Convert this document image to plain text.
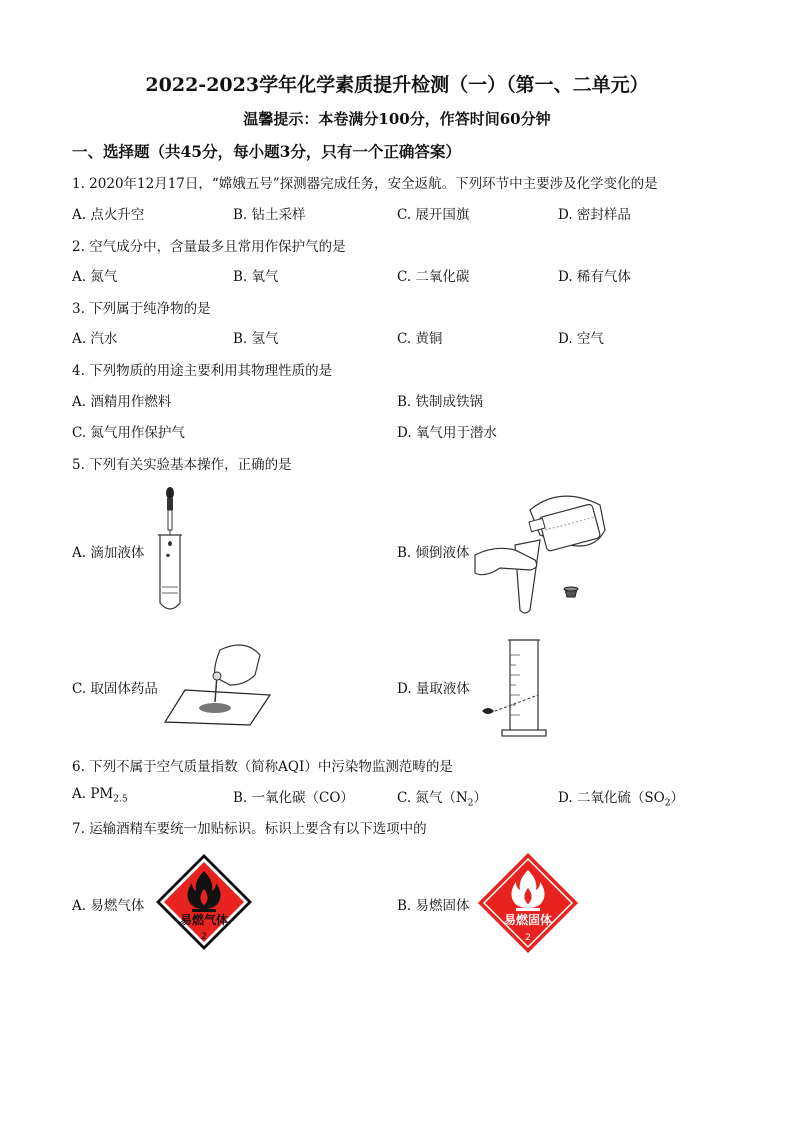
2022-2023学年化学素质提升检测（一）（第一、二单元）
温馨提示：本卷满分100分，作答时间60分钟
一、选择题（共45分，每小题3分，只有一个正确答案）
1. 2020年12月17日，“嫦娥五号”探测器完成任务，安全返航。下列环节中主要涉及化学变化的是
A. 点火升空	B. 钻土采样	C. 展开国旗	D. 密封样品
2. 空气成分中，含量最多且常用作保护气的是
A. 氮气	B. 氧气	C. 二氧化碳	D. 稀有气体
3. 下列属于纯净物的是
A. 汽水	B. 氢气	C. 黄铜	D. 空气
4. 下列物质的用途主要利用其物理性质的是
A. 酒精用作燃料	B. 铁制成铁锅
C. 氮气用作保护气	D. 氧气用于潜水
5. 下列有关实验基本操作，正确的是
A. 滴加液体	B. 倾倒液体
C. 取固体药品	D. 量取液体
6. 下列不属于空气质量指数（简称AQI）中污染物监测范畴的是
A. $PM_{2.5}$	B. 一氧化碳（CO）	C. 氮气$(N_2)$	D. 二氧化硫$(SO_2)$
7. 运输酒精车要统一加贴标识。标识上要含有以下选项中的
A. 易燃气体	B. 易燃固体
易燃气体
2
易燃固体
2
